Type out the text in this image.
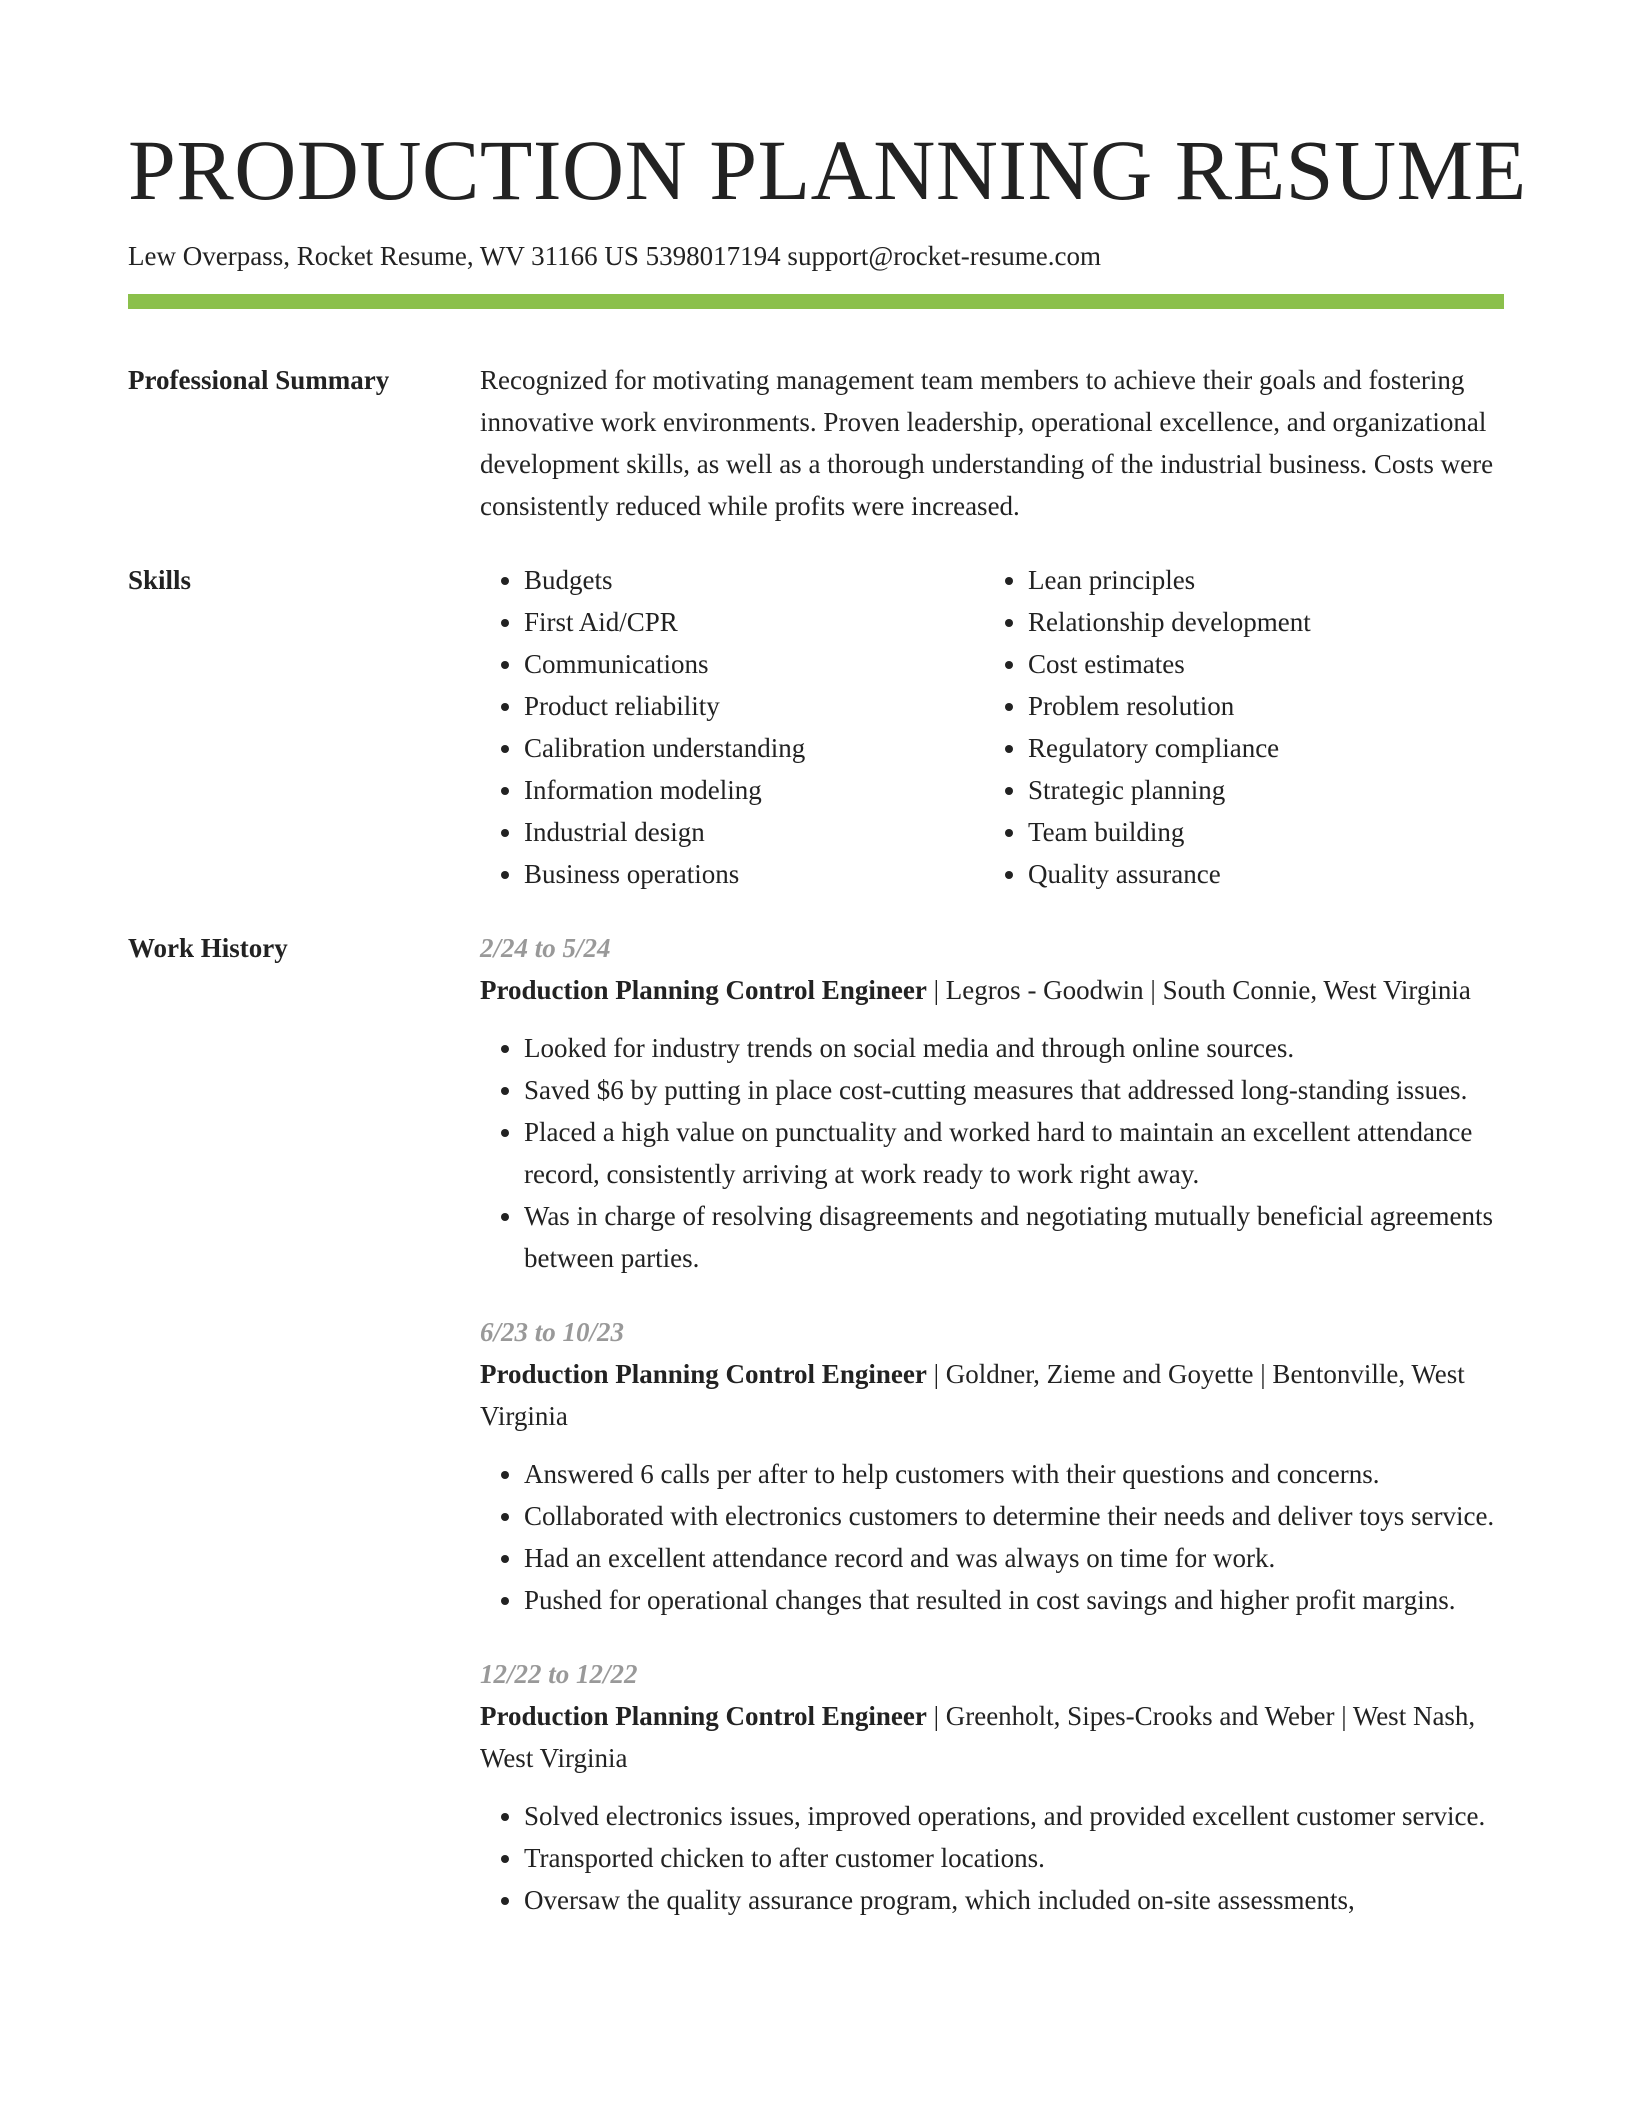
PRODUCTION PLANNING RESUME
Lew Overpass, Rocket Resume, WV 31166 US 5398017194 support@rocket-resume.com
Professional Summary	Recognized for motivating management team members to achieve their goals and fostering innovative work environments. Proven leadership, operational excellence, and organizational development skills, as well as a thorough understanding of the industrial business. Costs were consistently reduced while profits were increased.
Skills
•	Budgets
• First Aid/CPR
• Communications
• Product reliability
• Calibration understanding
• Information modeling
• Industrial design
• Business operations
• Lean principles
• Relationship development
• Cost estimates
• Problem resolution
• Regulatory compliance
• Strategic planning
• Team building
• Quality assurance
Work History	2/24 to 5/24
Production Planning Control Engineer | Legros - Goodwin | South Connie, West Virginia
• Looked for industry trends on social media and through online sources.
• Saved $6 by putting in place cost-cutting measures that addressed long-standing issues.
• Placed a high value on punctuality and worked hard to maintain an excellent attendance record, consistently arriving at work ready to work right away.
• Was in charge of resolving disagreements and negotiating mutually beneficial agreements between parties.
6/23 to 10/23
Production Planning Control Engineer | Goldner, Zieme and Goyette | Bentonville, West Virginia
• Answered 6 calls per after to help customers with their questions and concerns.
• Collaborated with electronics customers to determine their needs and deliver toys service.
• Had an excellent attendance record and was always on time for work.
• Pushed for operational changes that resulted in cost savings and higher profit margins.
12/22 to 12/22
Production Planning Control Engineer | Greenholt, Sipes-Crooks and Weber | West Nash, West Virginia
• Solved electronics issues, improved operations, and provided excellent customer service.
• Transported chicken to after customer locations.
• Oversaw the quality assurance program, which included on-site assessments,
